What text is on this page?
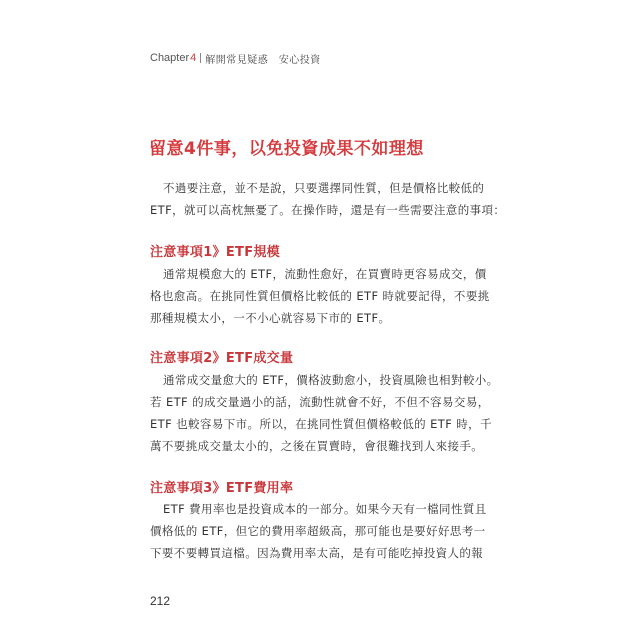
Chapter 4 解開常見疑惑　安心投資
留意4件事，以免投資成果不如理想

不過要注意，並不是說，只要選擇同性質，但是價格比較低的
ETF，就可以高枕無憂了。在操作時，還是有一些需要注意的事項：

注意事項1》ETF規模

通常規模愈大的 ETF，流動性愈好，在買賣時更容易成交，價
格也愈高。在挑同性質但價格比較低的 ETF 時就要記得，不要挑
那種規模太小，一不小心就容易下市的 ETF。

注意事項2》ETF成交量

通常成交量愈大的 ETF，價格波動愈小，投資風險也相對較小。
若 ETF 的成交量過小的話，流動性就會不好，不但不容易交易，
ETF 也較容易下市。所以，在挑同性質但價格較低的 ETF 時，千
萬不要挑成交量太小的，之後在買賣時，會很難找到人來接手。

注意事項3》ETF費用率

ETF 費用率也是投資成本的一部分。如果今天有一檔同性質且
價格低的 ETF，但它的費用率超級高，那可能也是要好好思考一
下要不要轉買這檔。因為費用率太高，是有可能吃掉投資人的報

212
